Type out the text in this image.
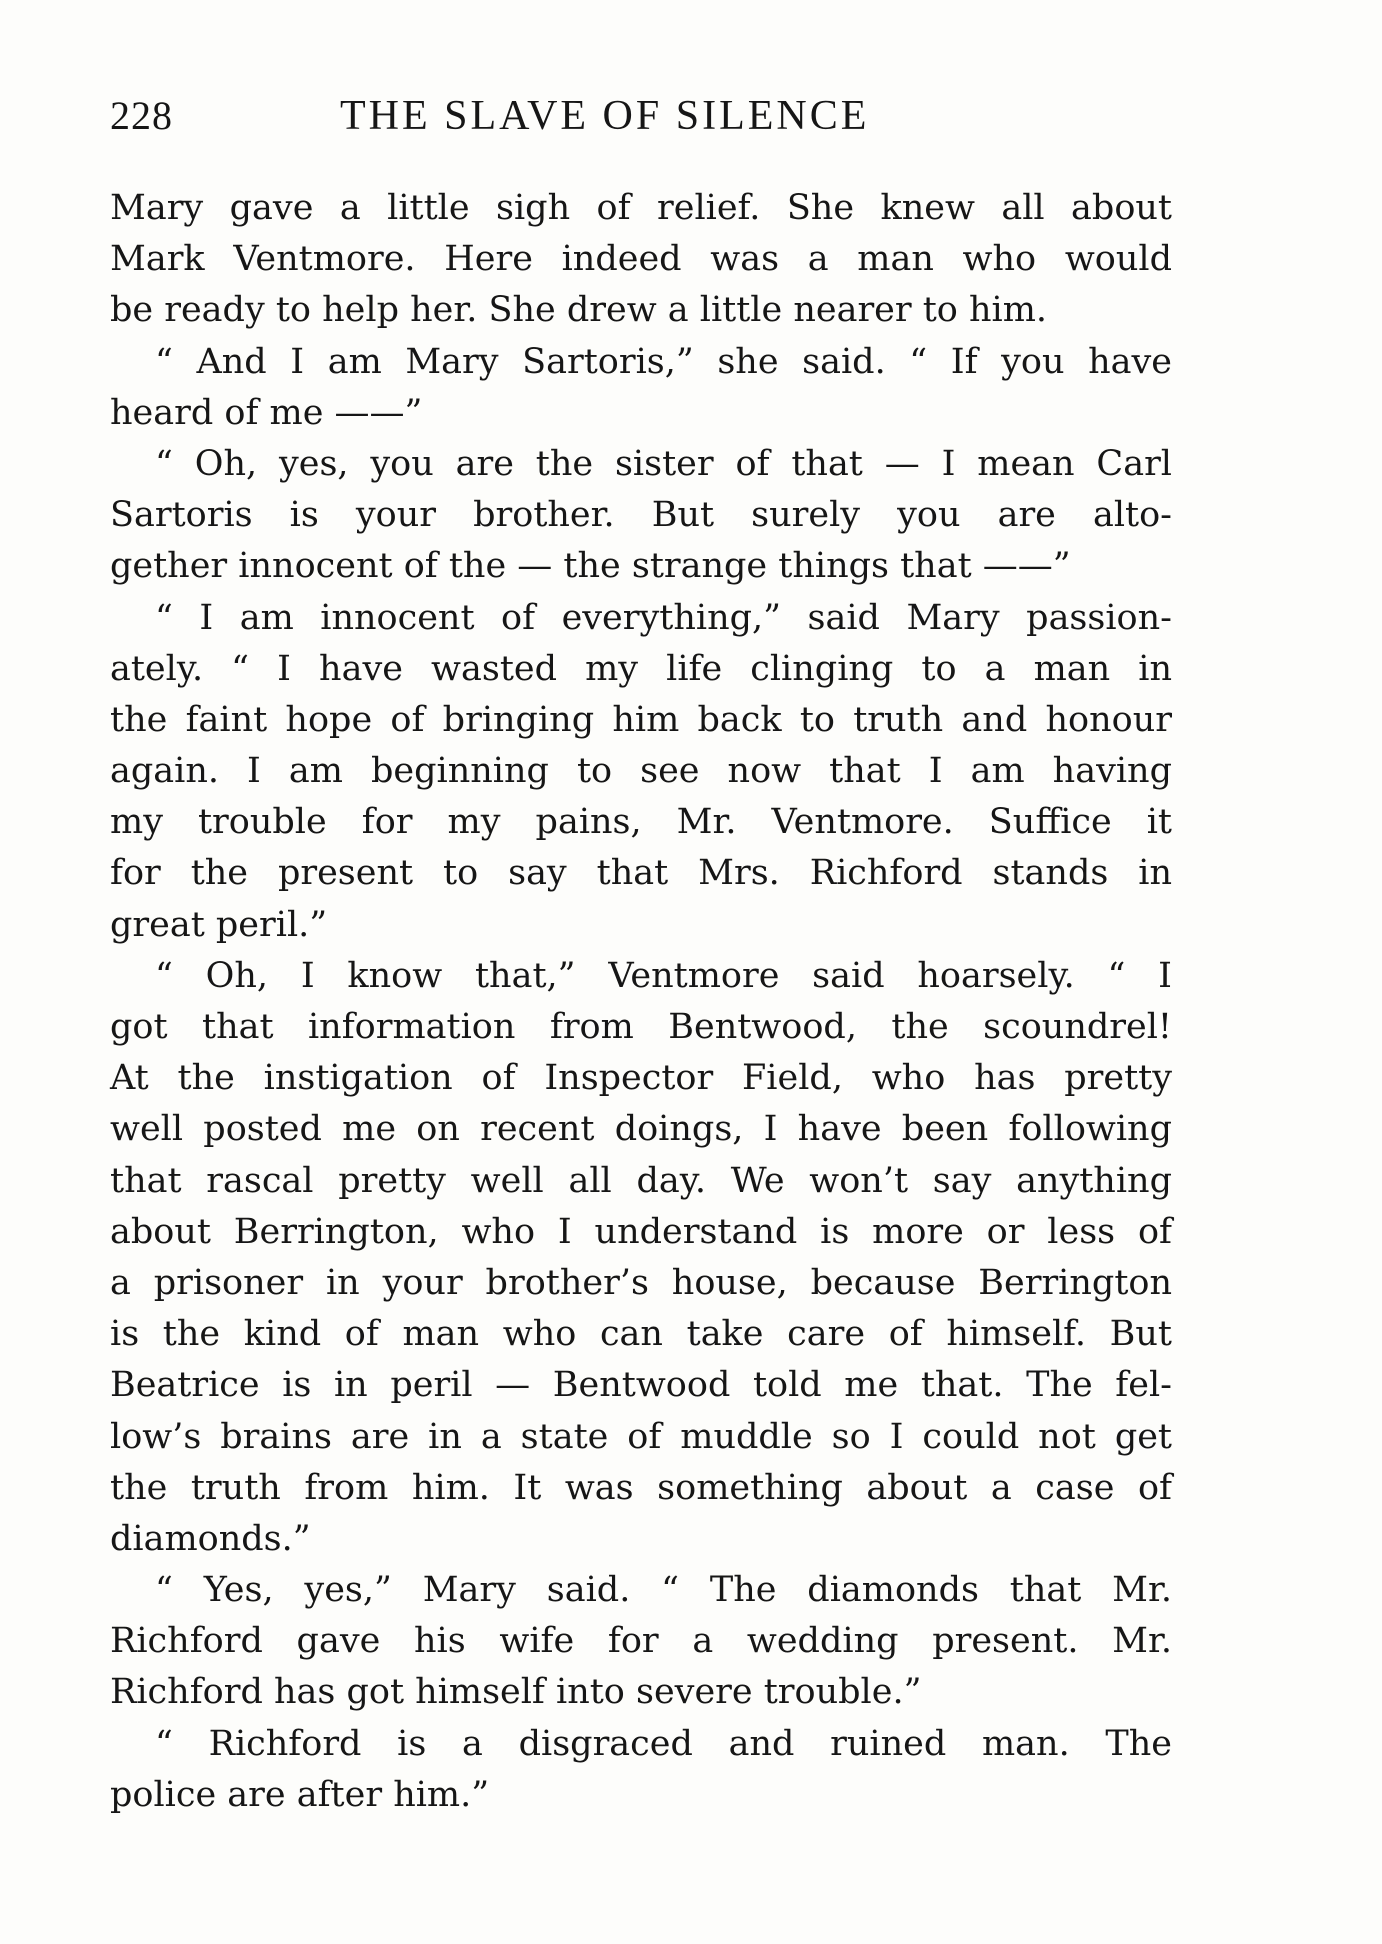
228	THE SLAVE OF SILENCE
Mary gave a little sigh of relief. She knew all about
Mark Ventmore. Here indeed was a man who would
be ready to help her. She drew a little nearer to him.
“ And I am Mary Sartoris,” she said. “ If you have
heard of me ——”
“ Oh, yes, you are the sister of that — I mean Carl
Sartoris is your brother. But surely you are alto-
gether innocent of the — the strange things that ——”
“ I am innocent of everything,” said Mary passion-
ately. “ I have wasted my life clinging to a man in
the faint hope of bringing him back to truth and honour
again. I am beginning to see now that I am having
my trouble for my pains, Mr. Ventmore. Suffice it
for the present to say that Mrs. Richford stands in
great peril.”
“ Oh, I know that,” Ventmore said hoarsely. “ I
got that information from Bentwood, the scoundrel!
At the instigation of Inspector Field, who has pretty
well posted me on recent doings, I have been following
that rascal pretty well all day. We won’t say anything
about Berrington, who I understand is more or less of
a prisoner in your brother’s house, because Berrington
is the kind of man who can take care of himself. But
Beatrice is in peril — Bentwood told me that. The fel-
low’s brains are in a state of muddle so I could not get
the truth from him. It was something about a case of
diamonds.”
“ Yes, yes,” Mary said. “ The diamonds that Mr.
Richford gave his wife for a wedding present. Mr.
Richford has got himself into severe trouble.”
“ Richford is a disgraced and ruined man. The
police are after him.”
